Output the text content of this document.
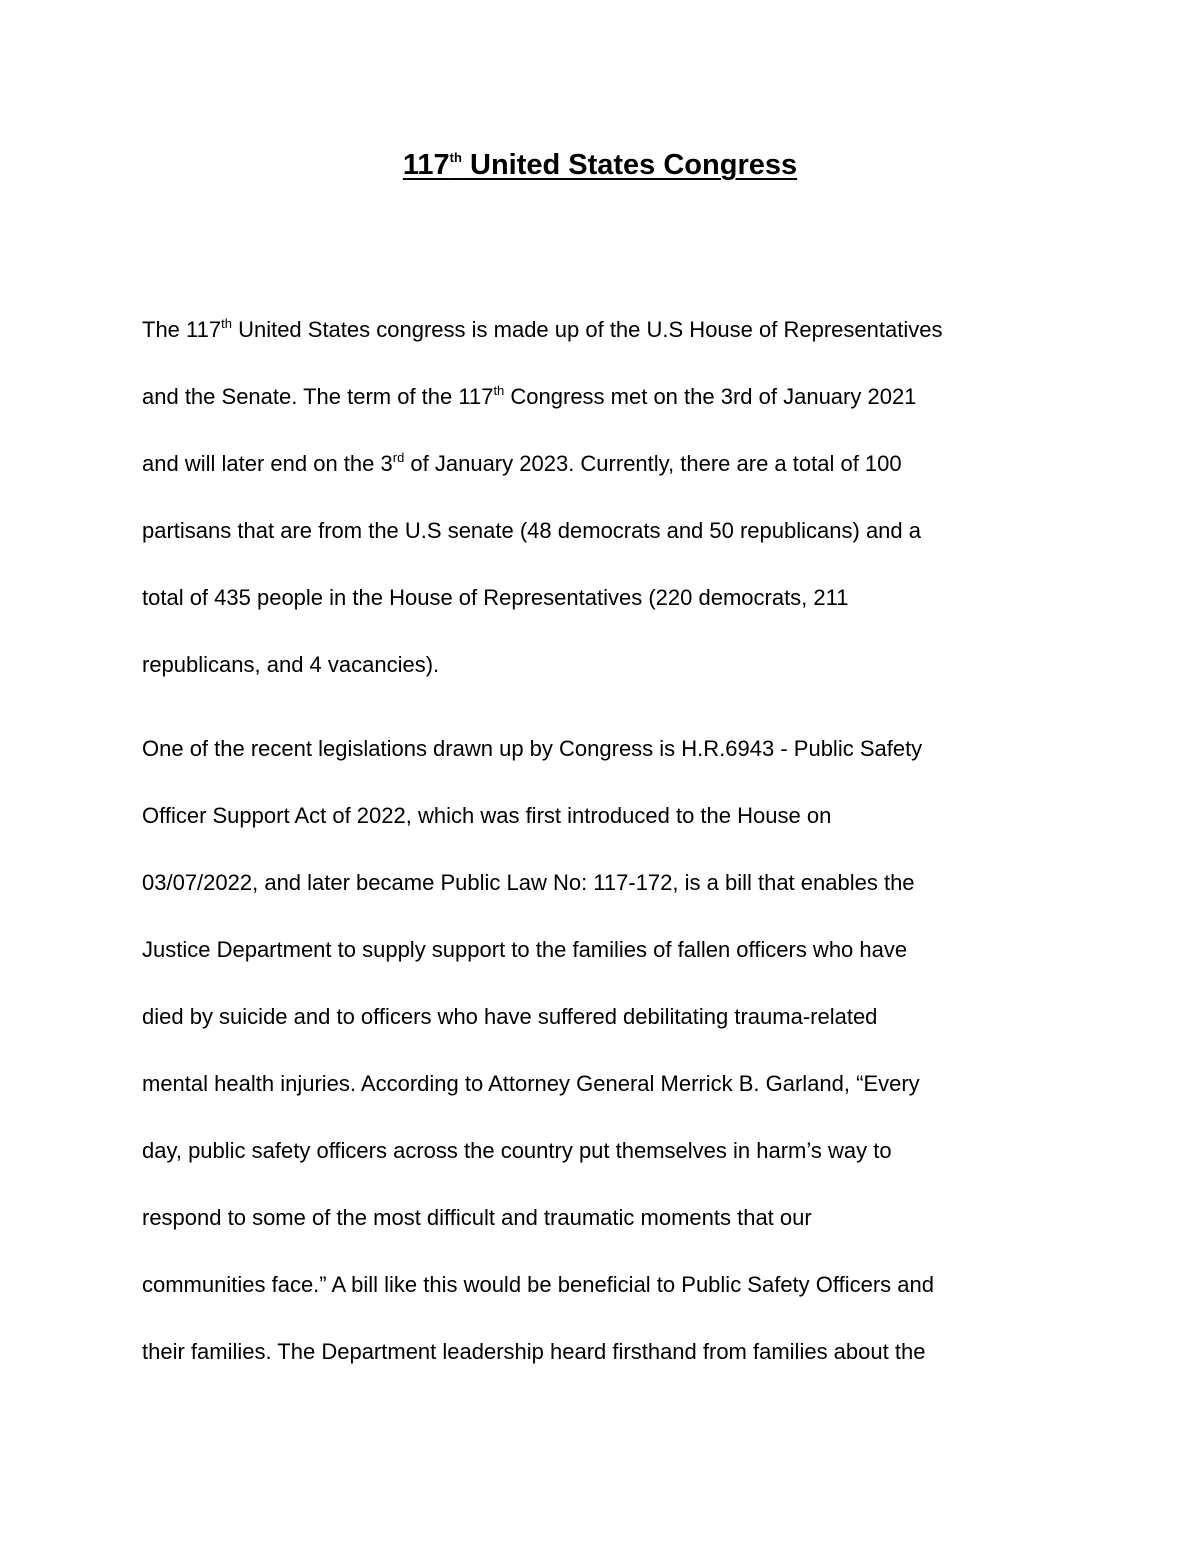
117th United States Congress
The 117th United States congress is made up of the U.S House of Representatives
and the Senate. The term of the 117th Congress met on the 3rd of January 2021
and will later end on the 3rd of January 2023. Currently, there are a total of 100
partisans that are from the U.S senate (48 democrats and 50 republicans) and a
total of 435 people in the House of Representatives (220 democrats, 211
republicans, and 4 vacancies).
One of the recent legislations drawn up by Congress is H.R.6943 - Public Safety
Officer Support Act of 2022, which was first introduced to the House on
03/07/2022, and later became Public Law No: 117-172, is a bill that enables the
Justice Department to supply support to the families of fallen officers who have
died by suicide and to officers who have suffered debilitating trauma-related
mental health injuries. According to Attorney General Merrick B. Garland, “Every
day, public safety officers across the country put themselves in harm’s way to
respond to some of the most difficult and traumatic moments that our
communities face.” A bill like this would be beneficial to Public Safety Officers and
their families. The Department leadership heard firsthand from families about the
